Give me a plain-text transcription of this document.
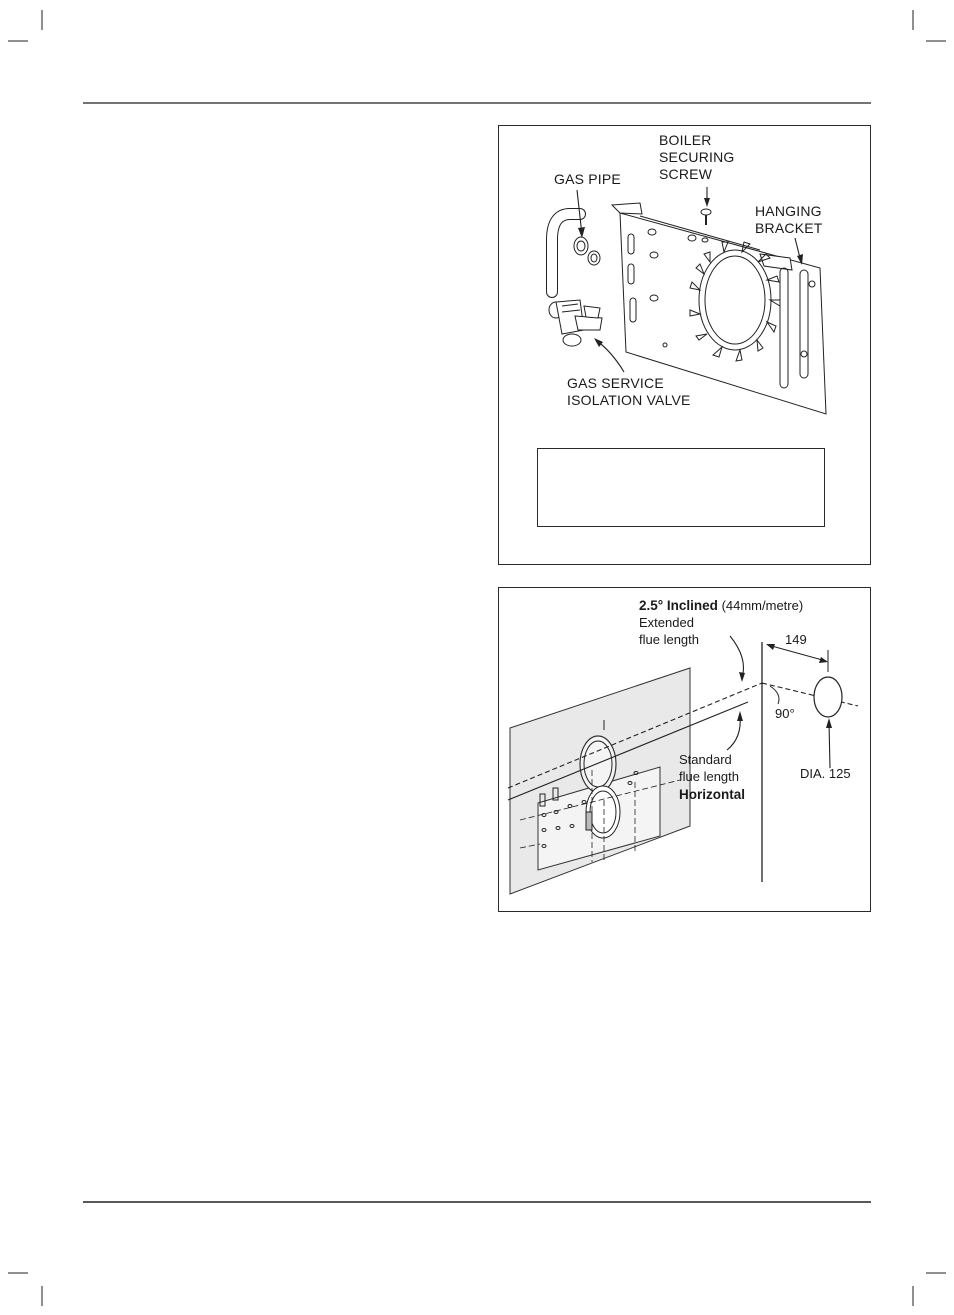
BOILER
SECURING
SCREW
GAS PIPE
HANGING
BRACKET
GAS SERVICE
ISOLATION VALVE
2.5° Inclined (44mm/metre)
Extended
flue length	149
90°
Standard
flue length
Horizontal
DIA. 125
